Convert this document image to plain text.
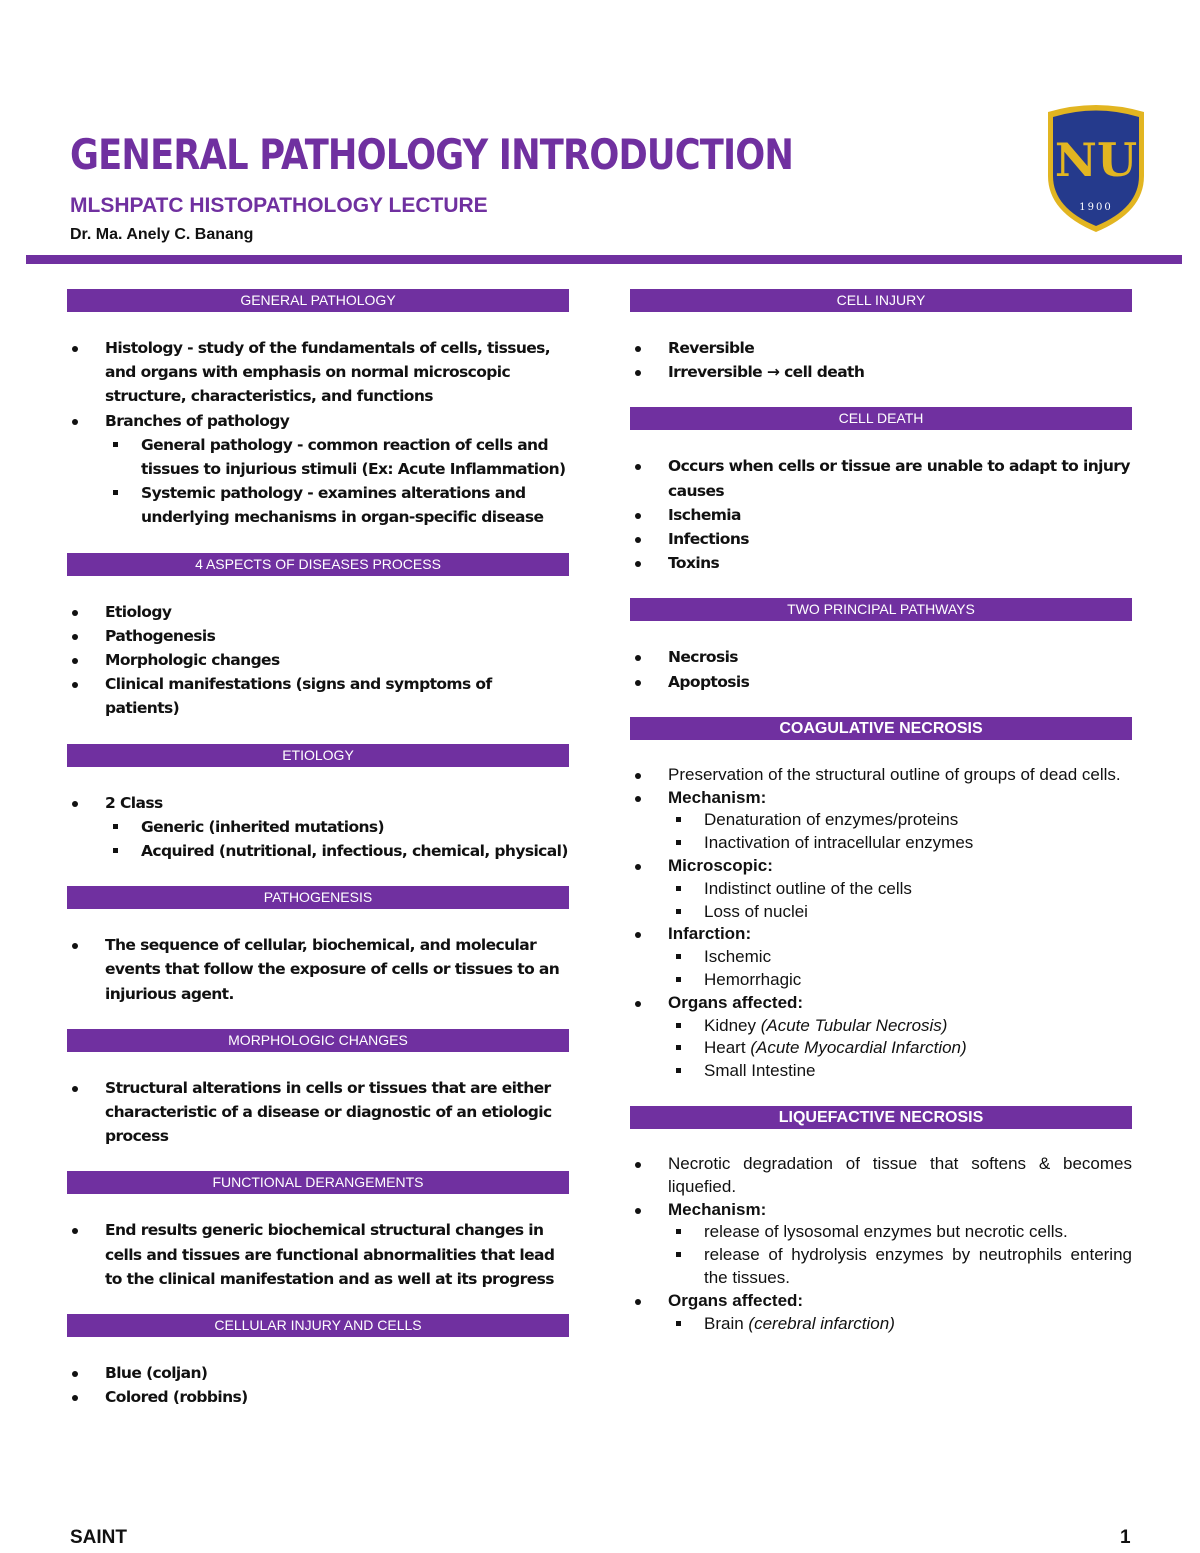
GENERAL PATHOLOGY INTRODUCTION
MLSHPATC HISTOPATHOLOGY LECTURE
Dr. Ma. Anely C. Banang
NU
1900
GENERAL PATHOLOGY
Histology - study of the fundamentals of cells, tissues, and organs with emphasis on normal microscopic structure, characteristics, and functions
Branches of pathology
General pathology - common reaction of cells and tissues to injurious stimuli (Ex: Acute Inflammation)
Systemic pathology - examines alterations and underlying mechanisms in organ-specific disease
4 ASPECTS OF DISEASES PROCESS
Etiology
Pathogenesis
Morphologic changes
Clinical manifestations (signs and symptoms of patients)
ETIOLOGY
2 Class
Generic (inherited mutations)
Acquired (nutritional, infectious, chemical, physical)
PATHOGENESIS
The sequence of cellular, biochemical, and molecular events that follow the exposure of cells or tissues to an injurious agent.
MORPHOLOGIC CHANGES
Structural alterations in cells or tissues that are either characteristic of a disease or diagnostic of an etiologic process
FUNCTIONAL DERANGEMENTS
End results generic biochemical structural changes in cells and tissues are functional abnormalities that lead to the clinical manifestation and as well at its progress
CELLULAR INJURY AND CELLS
Blue (coljan)
Colored (robbins)
CELL INJURY
Reversible
Irreversible → cell death
CELL DEATH
Occurs when cells or tissue are unable to adapt to injury causes
Ischemia
Infections
Toxins
TWO PRINCIPAL PATHWAYS
Necrosis
Apoptosis
COAGULATIVE NECROSIS
Preservation of the structural outline of groups of dead cells.
Mechanism:
Denaturation of enzymes/proteins
Inactivation of intracellular enzymes
Microscopic:
Indistinct outline of the cells
Loss of nuclei
Infarction:
Ischemic
Hemorrhagic
Organs affected:
Kidney (Acute Tubular Necrosis)
Heart (Acute Myocardial Infarction)
Small Intestine
LIQUEFACTIVE NECROSIS
Necrotic degradation of tissue that softens & becomes liquefied.
Mechanism:
release of lysosomal enzymes but necrotic cells.
release of hydrolysis enzymes by neutrophils entering the tissues.
Organs affected:
Brain (cerebral infarction)
SAINT	1
